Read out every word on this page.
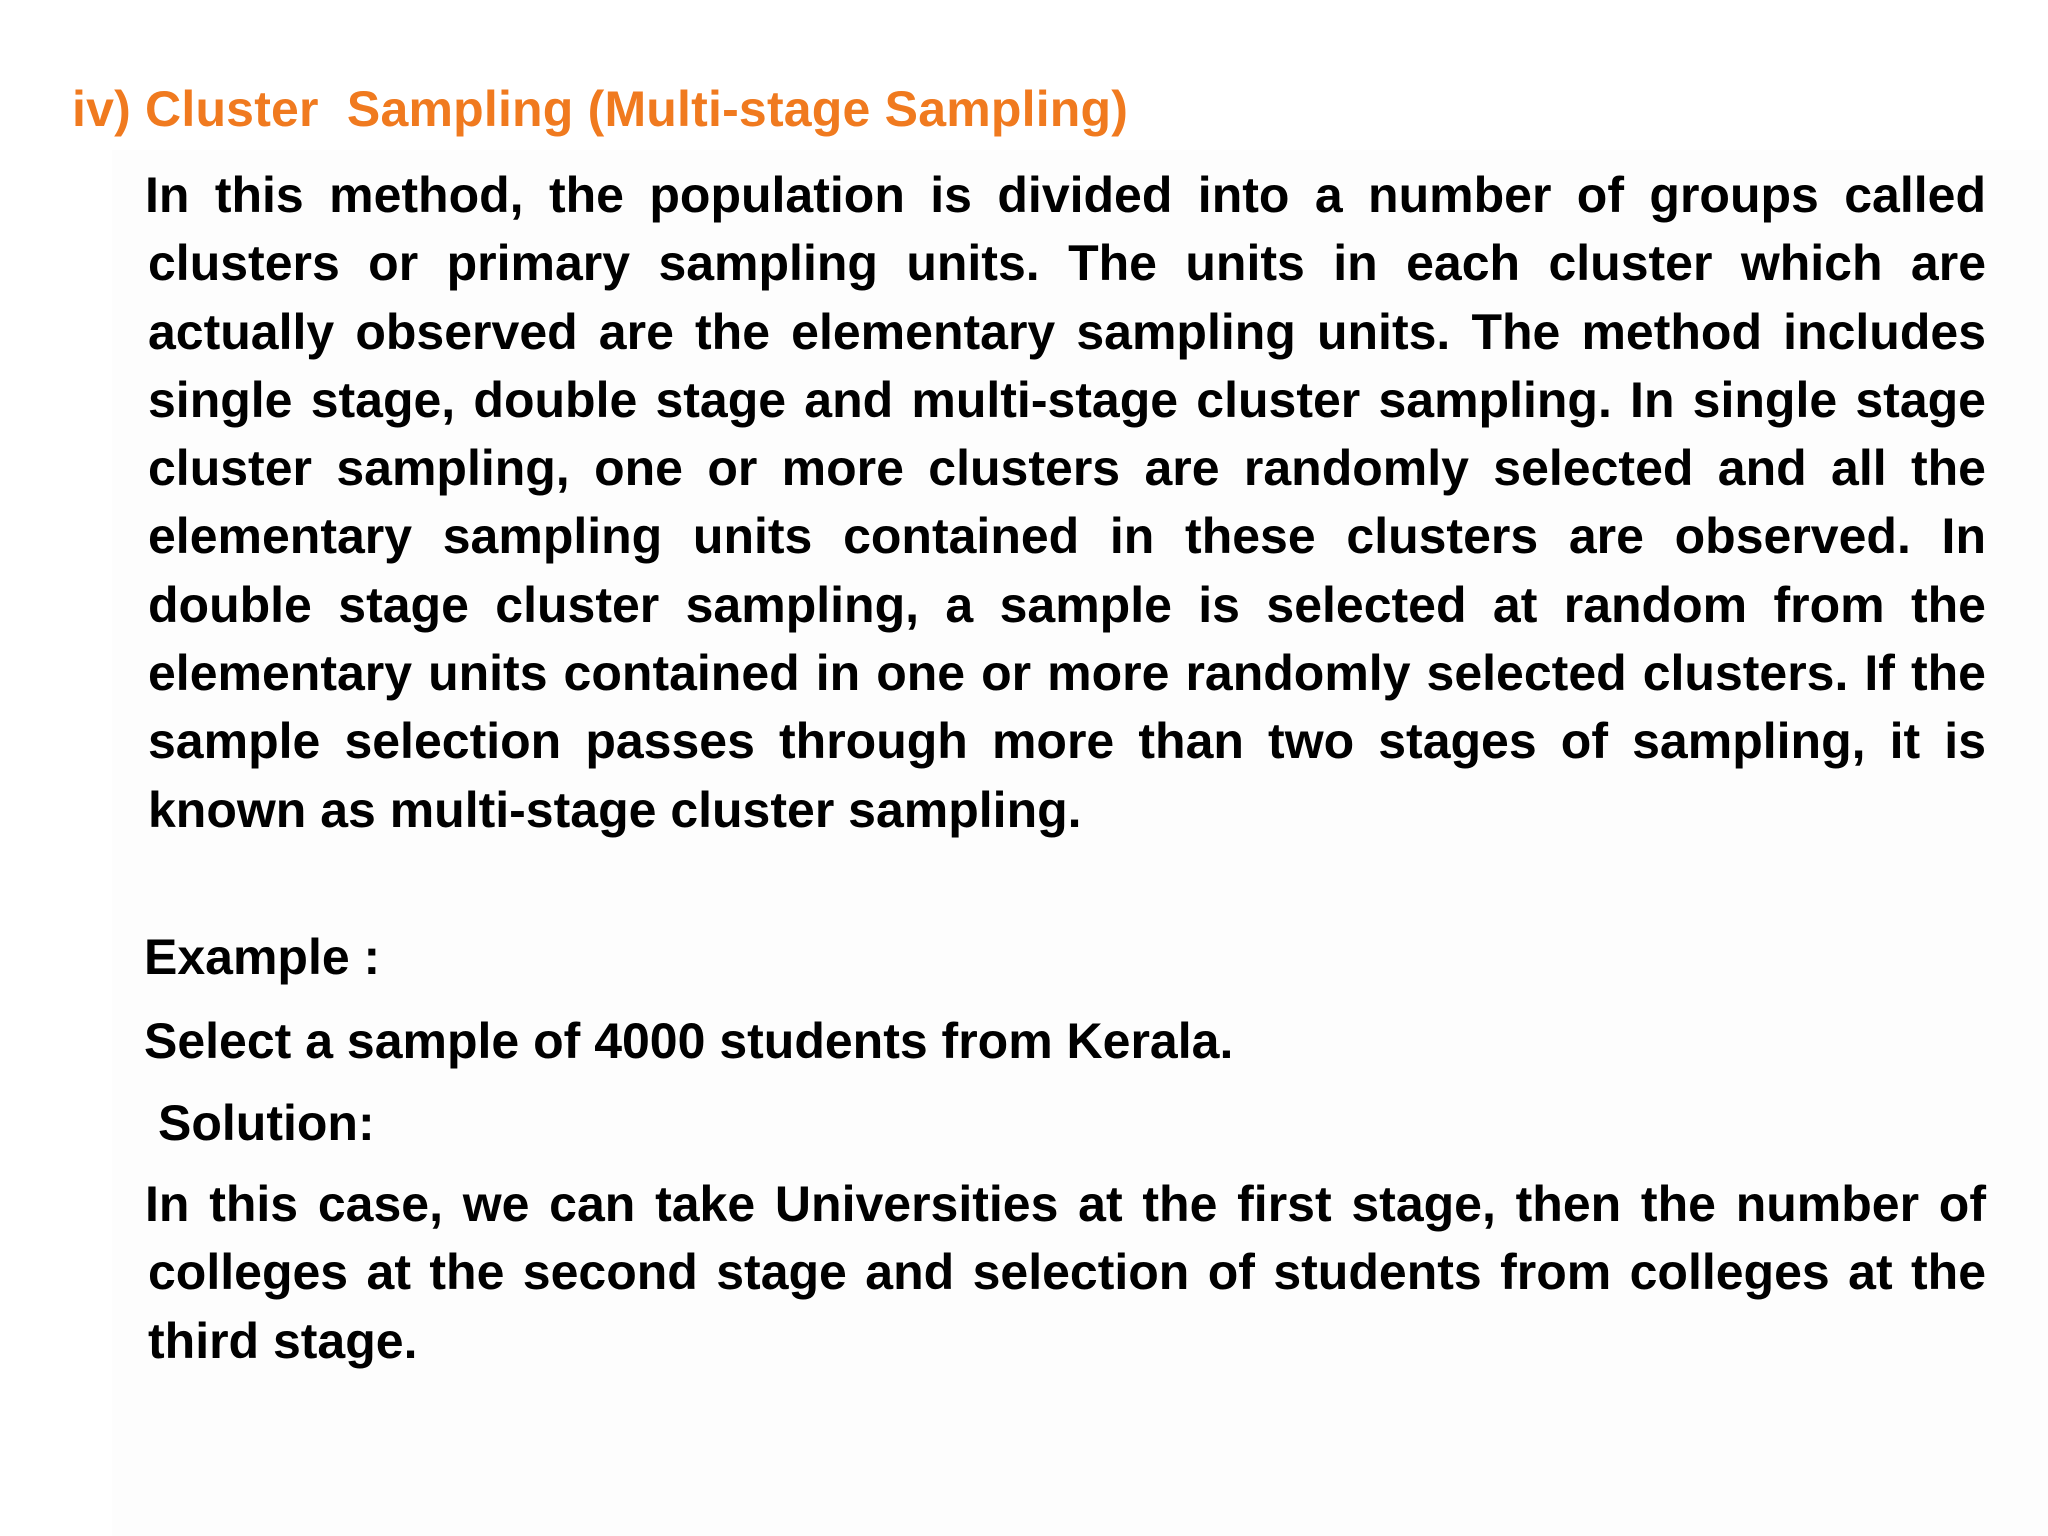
iv) Cluster  Sampling (Multi-stage Sampling)

In this method, the population is divided into a number of groups called clusters or primary sampling units. The units in each cluster which are actually observed are the elementary sampling units. The method includes single stage, double stage and multi-stage cluster sampling. In single stage cluster sampling, one or more clusters are randomly selected and all the elementary sampling units contained in these clusters are observed. In double stage cluster sampling, a sample is selected at random from the elementary units contained in one or more randomly selected clusters. If the sample selection passes through more than two stages of sampling, it is known as multi-stage cluster sampling.

Example :
Select a sample of 4000 students from Kerala.
Solution:

In this case, we can take Universities at the first stage, then the number of colleges at the second stage and selection of students from colleges at the third stage.
